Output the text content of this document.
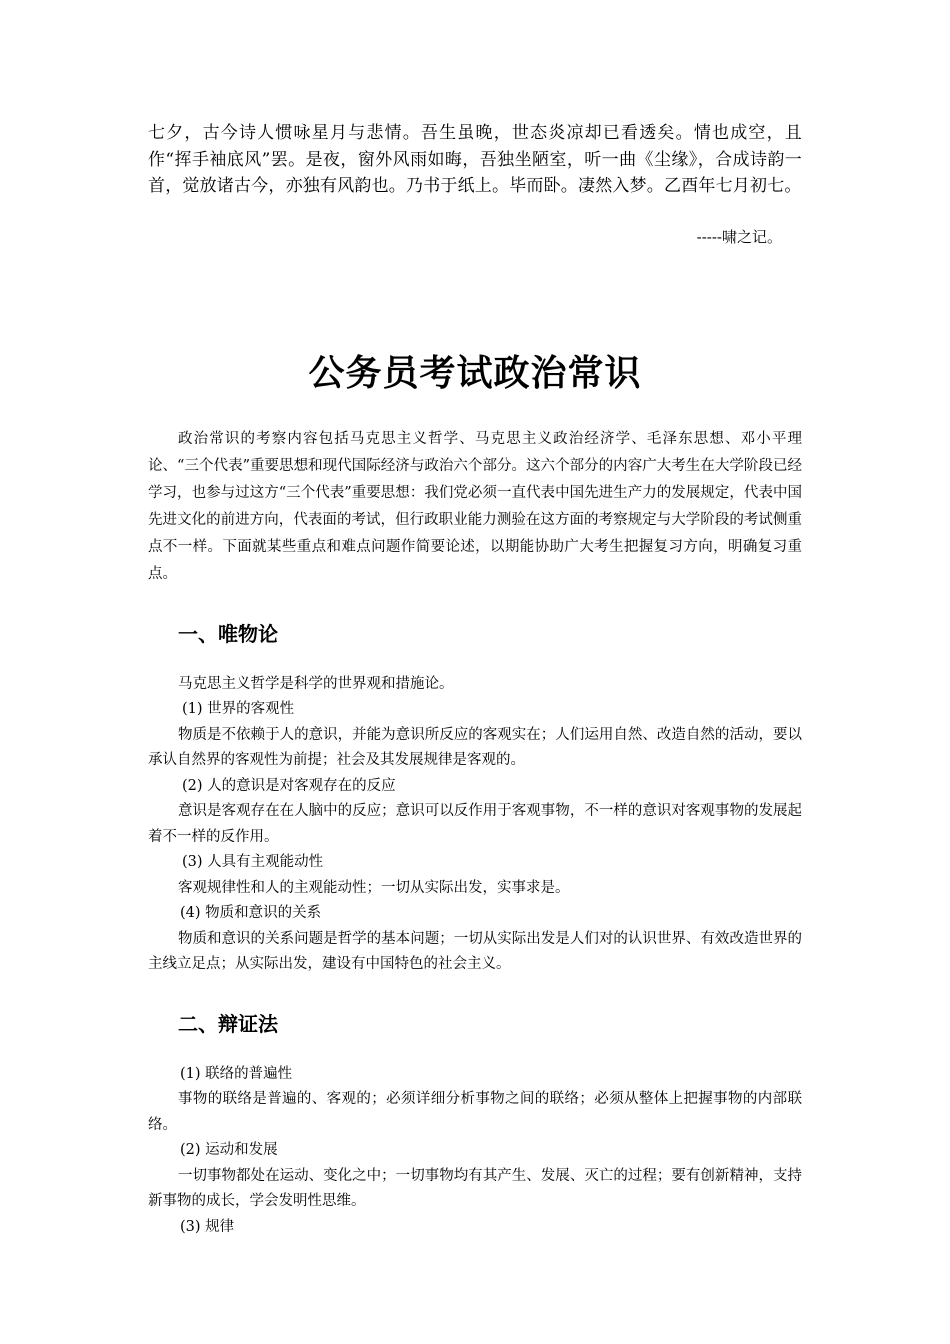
七夕，古今诗人惯咏星月与悲情。吾生虽晚，世态炎凉却已看透矣。情也成空，且作“挥手袖底风”罢。是夜，窗外风雨如晦，吾独坐陋室，听一曲《尘缘》，合成诗韵一首，觉放诸古今，亦独有风韵也。乃书于纸上。毕而卧。凄然入梦。乙酉年七月初七。

-----啸之记。
公务员考试政治常识

政治常识的考察内容包括马克思主义哲学、马克思主义政治经济学、毛泽东思想、邓小平理论、“三个代表”重要思想和现代国际经济与政治六个部分。这六个部分的内容广大考生在大学阶段已经学习，也参与过这方“三个代表”重要思想：我们党必须一直代表中国先进生产力的发展规定，代表中国先进文化的前进方向，代表面的考试，但行政职业能力测验在这方面的考察规定与大学阶段的考试侧重点不一样。下面就某些重点和难点问题作简要论述，以期能协助广大考生把握复习方向，明确复习重点。

一、唯物论

马克思主义哲学是科学的世界观和措施论。

(1) 世界的客观性

物质是不依赖于人的意识，并能为意识所反应的客观实在；人们运用自然、改造自然的活动，要以承认自然界的客观性为前提；社会及其发展规律是客观的。

(2) 人的意识是对客观存在的反应

意识是客观存在在人脑中的反应；意识可以反作用于客观事物，不一样的意识对客观事物的发展起着不一样的反作用。

(3) 人具有主观能动性

客观规律性和人的主观能动性；一切从实际出发，实事求是。

(4) 物质和意识的关系

物质和意识的关系问题是哲学的基本问题；一切从实际出发是人们对的认识世界、有效改造世界的主线立足点；从实际出发，建设有中国特色的社会主义。

二、辩证法

(1) 联络的普遍性

事物的联络是普遍的、客观的；必须详细分析事物之间的联络；必须从整体上把握事物的内部联络。

(2) 运动和发展

一切事物都处在运动、变化之中；一切事物均有其产生、发展、灭亡的过程；要有创新精神，支持新事物的成长，学会发明性思维。

(3) 规律
